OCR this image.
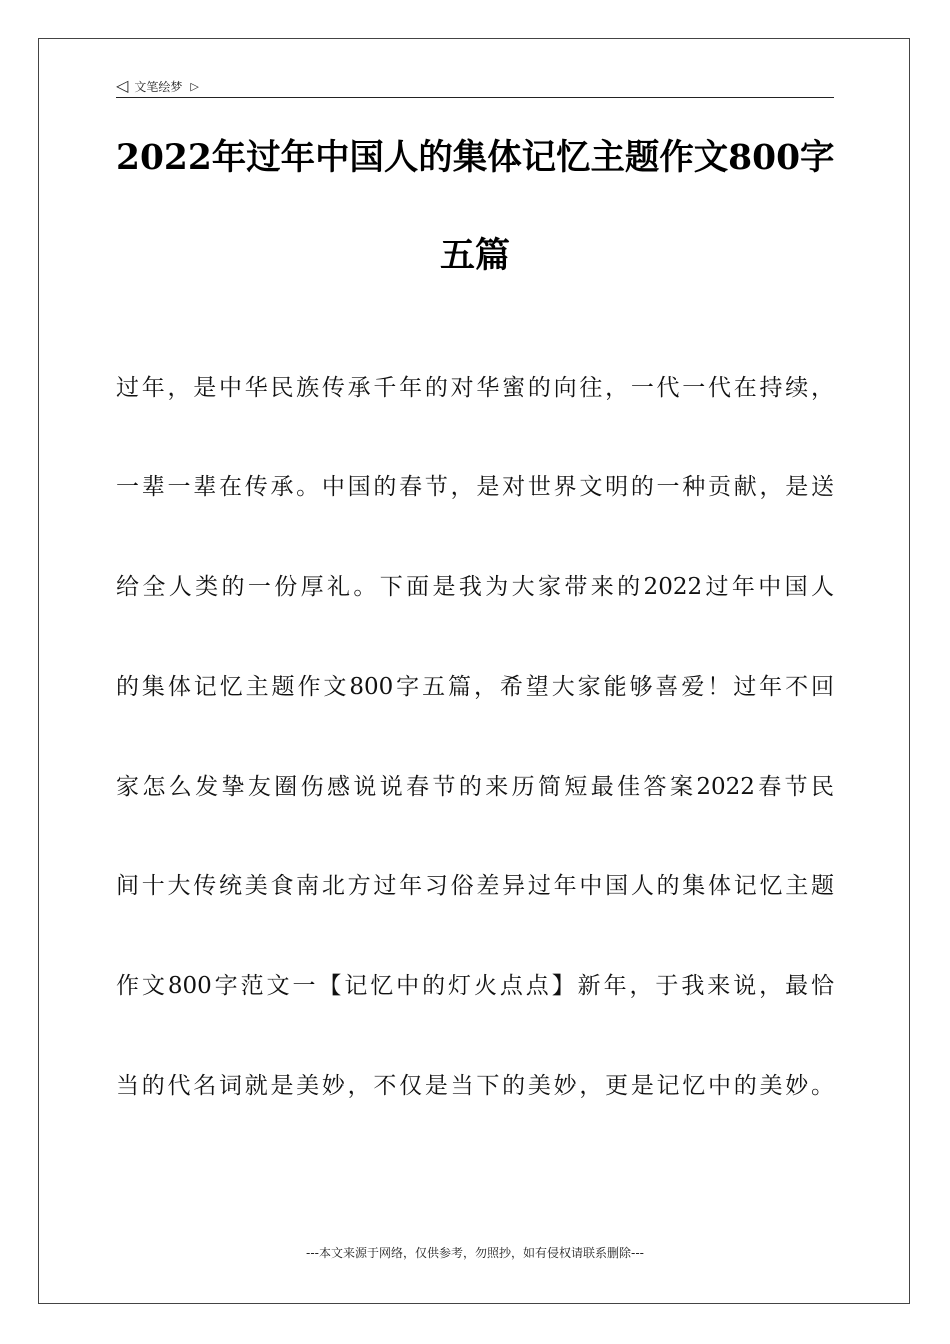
◁ 文笔绘梦 ▷
2022年过年中国人的集体记忆主题作文800字
五篇
过年，是中华民族传承千年的对华蜜的向往，一代一代在持续，
一辈一辈在传承。中国的春节，是对世界文明的一种贡献，是送
给全人类的一份厚礼。下面是我为大家带来的2022过年中国人
的集体记忆主题作文800字五篇，希望大家能够喜爱！过年不回
家怎么发挚友圈伤感说说春节的来历简短最佳答案2022春节民
间十大传统美食南北方过年习俗差异过年中国人的集体记忆主题
作文800字范文一【记忆中的灯火点点】新年，于我来说，最恰
当的代名词就是美妙，不仅是当下的美妙，更是记忆中的美妙。
---本文来源于网络，仅供参考，勿照抄，如有侵权请联系删除---
